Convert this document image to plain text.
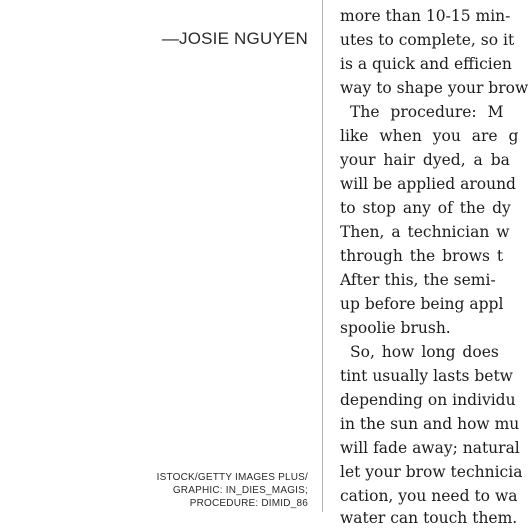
—JOSIE NGUYEN

ISTOCK/GETTY IMAGES PLUS/
GRAPHIC: IN_DIES_MAGIS;
PROCEDURE: DIMID_86

more than 10-15 min-

utes to complete, so it

is a quick and efficien

way to shape your brow

The procedure: M

like when you are g

your hair dyed, a ba

will be applied around

to stop any of the dy

Then, a technician w

through the brows t

After this, the semi-

up before being appl

spoolie brush.

So, how long does

tint usually lasts betw

depending on individu

in the sun and how mu

will fade away; natural

let your brow technicia

cation, you need to wa

water can touch them.
